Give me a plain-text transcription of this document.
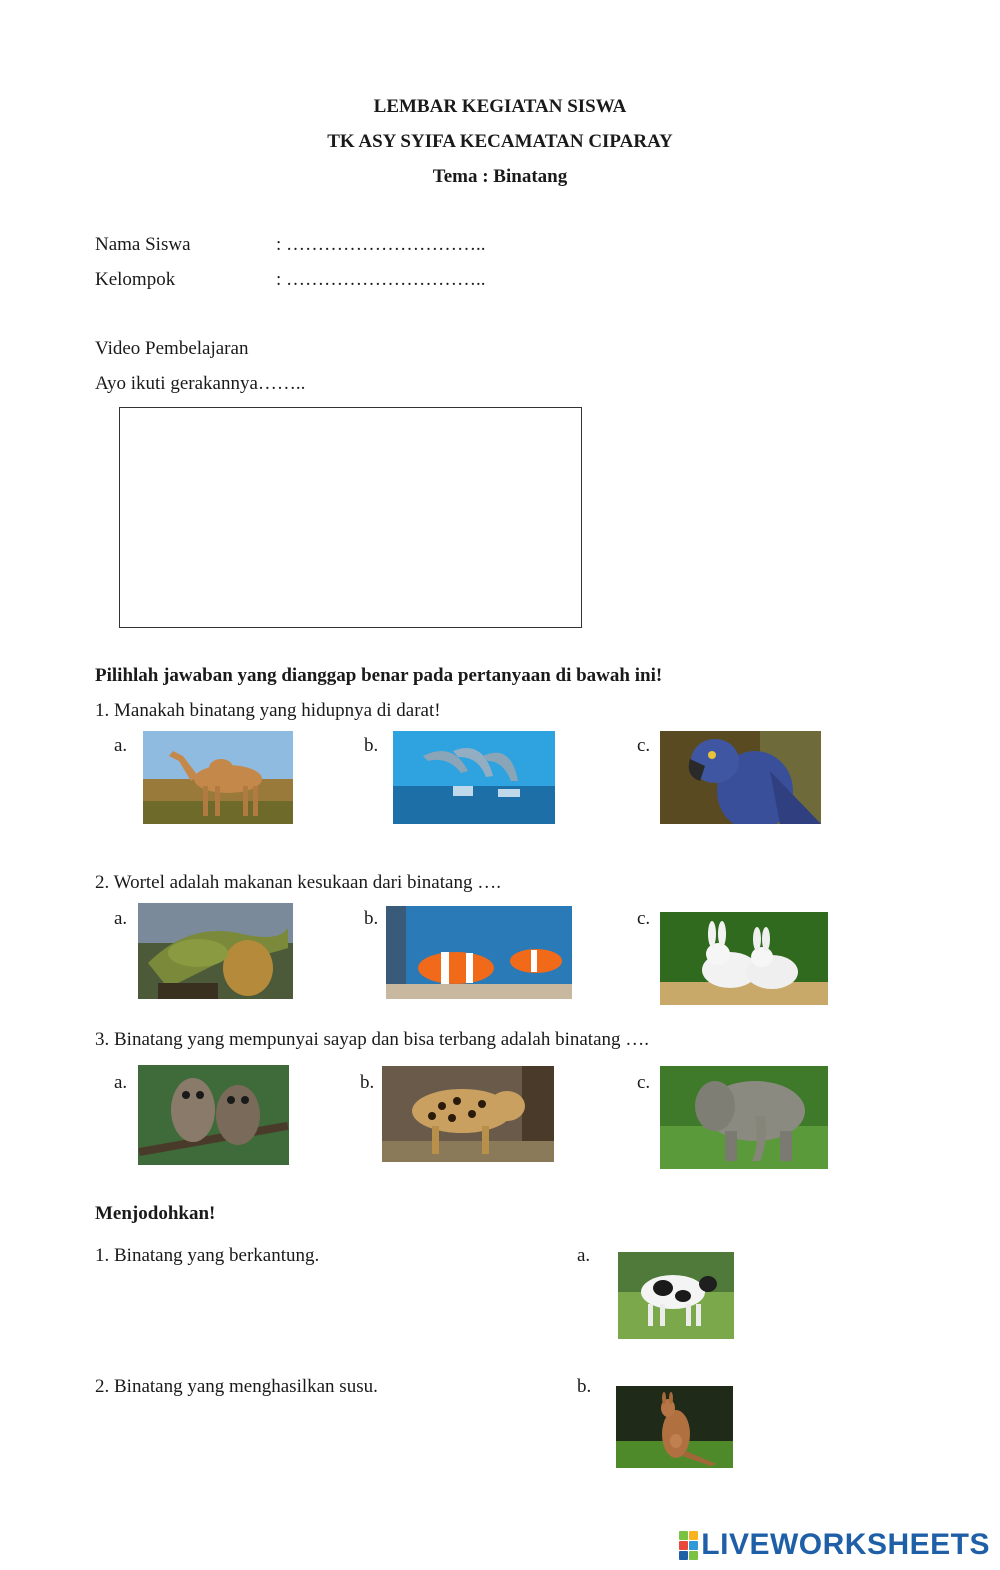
LEMBAR KEGIATAN SISWA
TK ASY SYIFA KECAMATAN CIPARAY
Tema : Binatang
Nama Siswa	: …………………………..
Kelompok	: …………………………..
Video Pembelajaran
Ayo ikuti gerakannya……..
Pilihlah jawaban yang dianggap benar pada pertanyaan di bawah ini!
1. Manakah binatang yang hidupnya di darat!
a.	b.	c.
2. Wortel adalah makanan kesukaan dari binatang ….
a.	b.	c.
3. Binatang yang mempunyai sayap dan bisa terbang adalah binatang ….
a.	b.	c.
Menjodohkan!
1. Binatang yang berkantung.	a.
2. Binatang yang menghasilkan susu.	b.
LIVEWORKSHEETS
